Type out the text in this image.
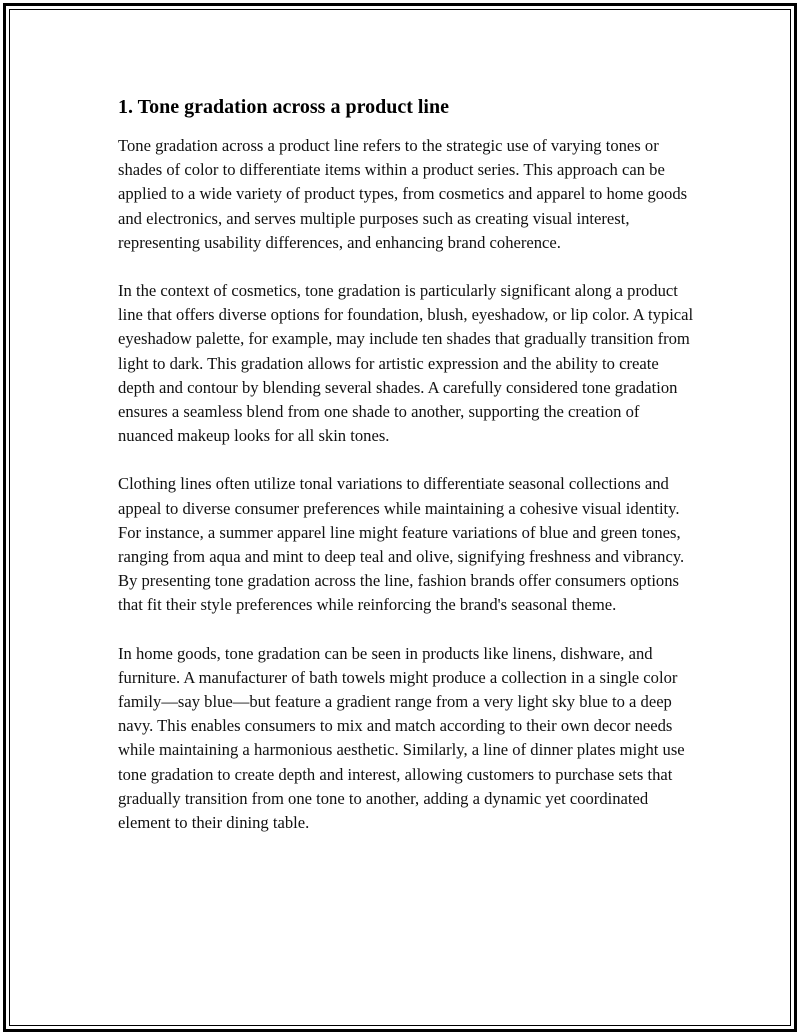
1. Tone gradation across a product line

Tone gradation across a product line refers to the strategic use of varying tones or shades of color to differentiate items within a product series. This approach can be applied to a wide variety of product types, from cosmetics and apparel to home goods and electronics, and serves multiple purposes such as creating visual interest, representing usability differences, and enhancing brand coherence.

In the context of cosmetics, tone gradation is particularly significant along a product line that offers diverse options for foundation, blush, eyeshadow, or lip color. A typical eyeshadow palette, for example, may include ten shades that gradually transition from light to dark. This gradation allows for artistic expression and the ability to create depth and contour by blending several shades. A carefully considered tone gradation ensures a seamless blend from one shade to another, supporting the creation of nuanced makeup looks for all skin tones.

Clothing lines often utilize tonal variations to differentiate seasonal collections and appeal to diverse consumer preferences while maintaining a cohesive visual identity. For instance, a summer apparel line might feature variations of blue and green tones, ranging from aqua and mint to deep teal and olive, signifying freshness and vibrancy. By presenting tone gradation across the line, fashion brands offer consumers options that fit their style preferences while reinforcing the brand's seasonal theme.

In home goods, tone gradation can be seen in products like linens, dishware, and furniture. A manufacturer of bath towels might produce a collection in a single color family—say blue—but feature a gradient range from a very light sky blue to a deep navy. This enables consumers to mix and match according to their own decor needs while maintaining a harmonious aesthetic. Similarly, a line of dinner plates might use tone gradation to create depth and interest, allowing customers to purchase sets that gradually transition from one tone to another, adding a dynamic yet coordinated element to their dining table.
